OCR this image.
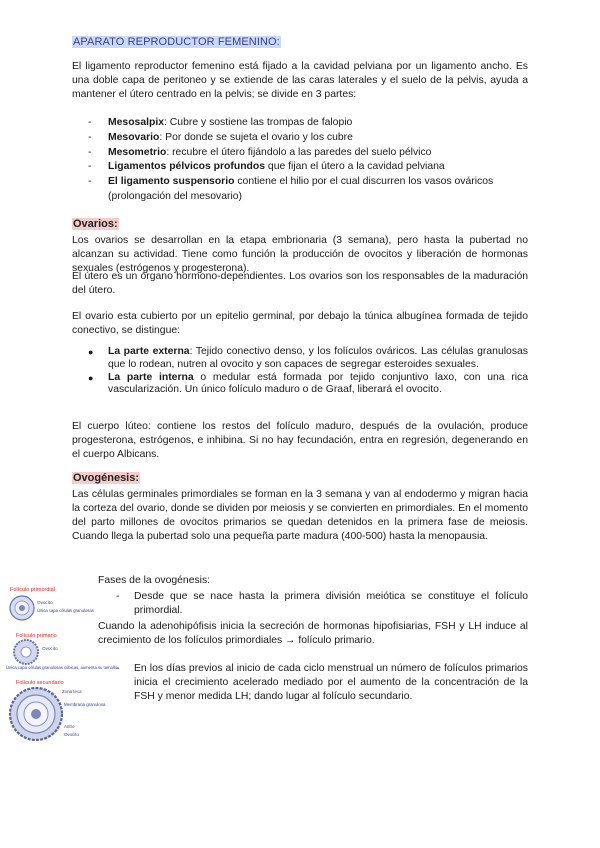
APARATO REPRODUCTOR FEMENINO:

El ligamento reproductor femenino está fijado a la cavidad pelviana por un ligamento ancho. Es una doble capa de peritoneo y se extiende de las caras laterales y el suelo de la pelvis, ayuda a mantener el útero centrado en la pelvis; se divide en 3 partes:

- Mesosalpix: Cubre y sostiene las trompas de falopio
- Mesovario: Por donde se sujeta el ovario y los cubre
- Mesometrio: recubre el útero fijándolo a las paredes del suelo pélvico
- Ligamentos pélvicos profundos que fijan el útero a la cavidad pelviana
- El ligamento suspensorio contiene el hilio por el cual discurren los vasos ováricos (prolongación del mesovario)
Ovarios:

Los ovarios se desarrollan en la etapa embrionaria (3 semana), pero hasta la pubertad no alcanzan su actividad. Tiene como función la producción de ovocitos y liberación de hormonas sexuales (estrógenos y progesterona).

El útero es un órgano hormono-dependientes. Los ovarios son los responsables de la maduración del útero.

El ovario esta cubierto por un epitelio germinal, por debajo la túnica albugínea formada de tejido conectivo, se distingue:

● La parte externa: Tejido conectivo denso, y los folículos ováricos. Las células granulosas que lo rodean, nutren al ovocito y son capaces de segregar esteroides sexuales.
● La parte interna o medular está formada por tejido conjuntivo laxo, con una rica vascularización. Un único folículo maduro o de Graaf, liberará el ovocito.

El cuerpo lúteo: contiene los restos del folículo maduro, después de la ovulación, produce progesterona, estrógenos, e inhibina. Si no hay fecundación, entra en regresión, degenerando en el cuerpo Albicans.

Ovogénesis:

Las células germinales primordiales se forman en la 3 semana y van al endodermo y migran hacia la corteza del ovario, donde se dividen por meiosis y se convierten en primordiales. En el momento del parto millones de ovocitos primarios se quedan detenidos en la primera fase de meiosis. Cuando llega la pubertad solo una pequeña parte madura (400-500) hasta la menopausia.

Fases de la ovogénesis:
- Desde que se nace hasta la primera división meiótica se constituye el folículo primordial.
Cuando la adenohipófisis inicia la secreción de hormonas hipofisiarias, FSH y LH induce al crecimiento de los folículos primordiales → folículo primario.
- En los días previos al inicio de cada ciclo menstrual un número de folículos primarios inicia el crecimiento acelerado mediado por el aumento de la concentración de la FSH y menor medida LH; dando lugar al folículo secundario.
Folículo primordial
Ovocito
Única capa células granulosas
Folículo primario
Ovocito
Única capa células granulosas cúbicas, aumenta su tamaño
Folículo secundario
Zona teca
Membrana granulosa
Antro
Ovocito
